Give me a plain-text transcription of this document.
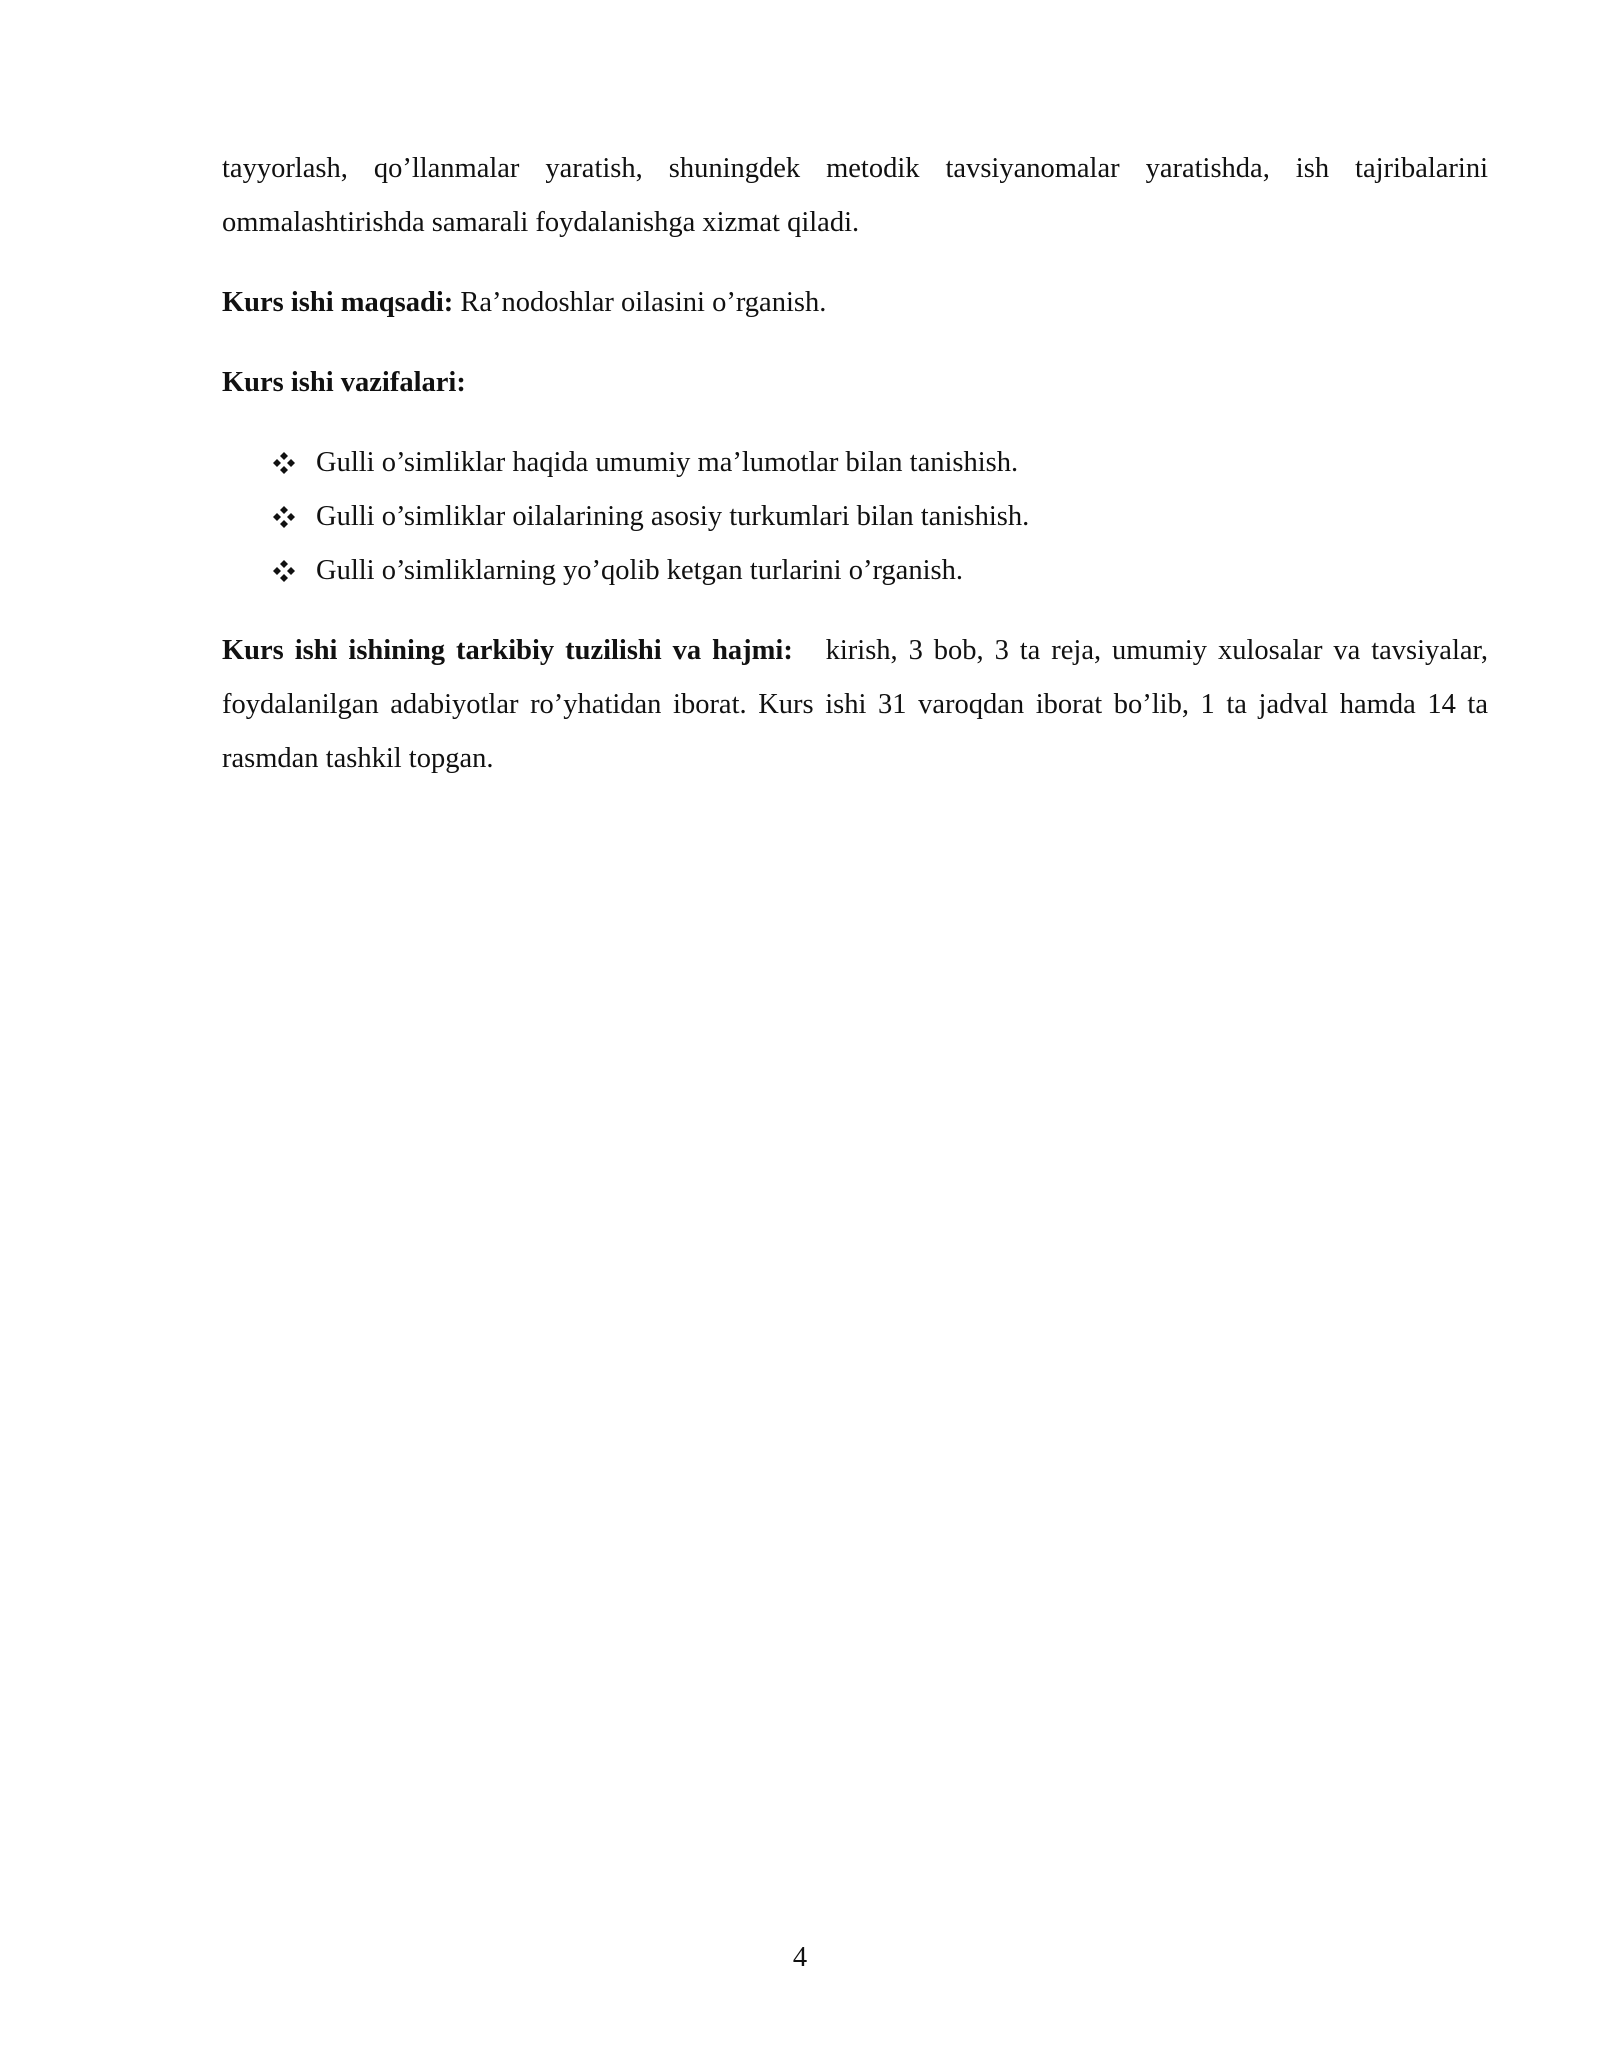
tayyorlash, qo’llanmalar yaratish, shuningdek metodik tavsiyanomalar yaratishda, ish tajribalarini ommalashtirishda samarali foydalanishga xizmat qiladi.

Kurs ishi maqsadi: Ra’nodoshlar oilasini o’rganish.

Kurs ishi vazifalari:

Gulli o’simliklar haqida umumiy ma’lumotlar bilan tanishish.
Gulli o’simliklar oilalarining asosiy turkumlari bilan tanishish.
Gulli o’simliklarning yo’qolib ketgan turlarini o’rganish.

Kurs ishi ishining tarkibiy tuzilishi va hajmi:   kirish, 3 bob, 3 ta reja, umumiy xulosalar va tavsiyalar, foydalanilgan adabiyotlar ro’yhatidan iborat. Kurs ishi 31 varoqdan iborat bo’lib, 1 ta jadval hamda 14 ta rasmdan tashkil topgan.

4
